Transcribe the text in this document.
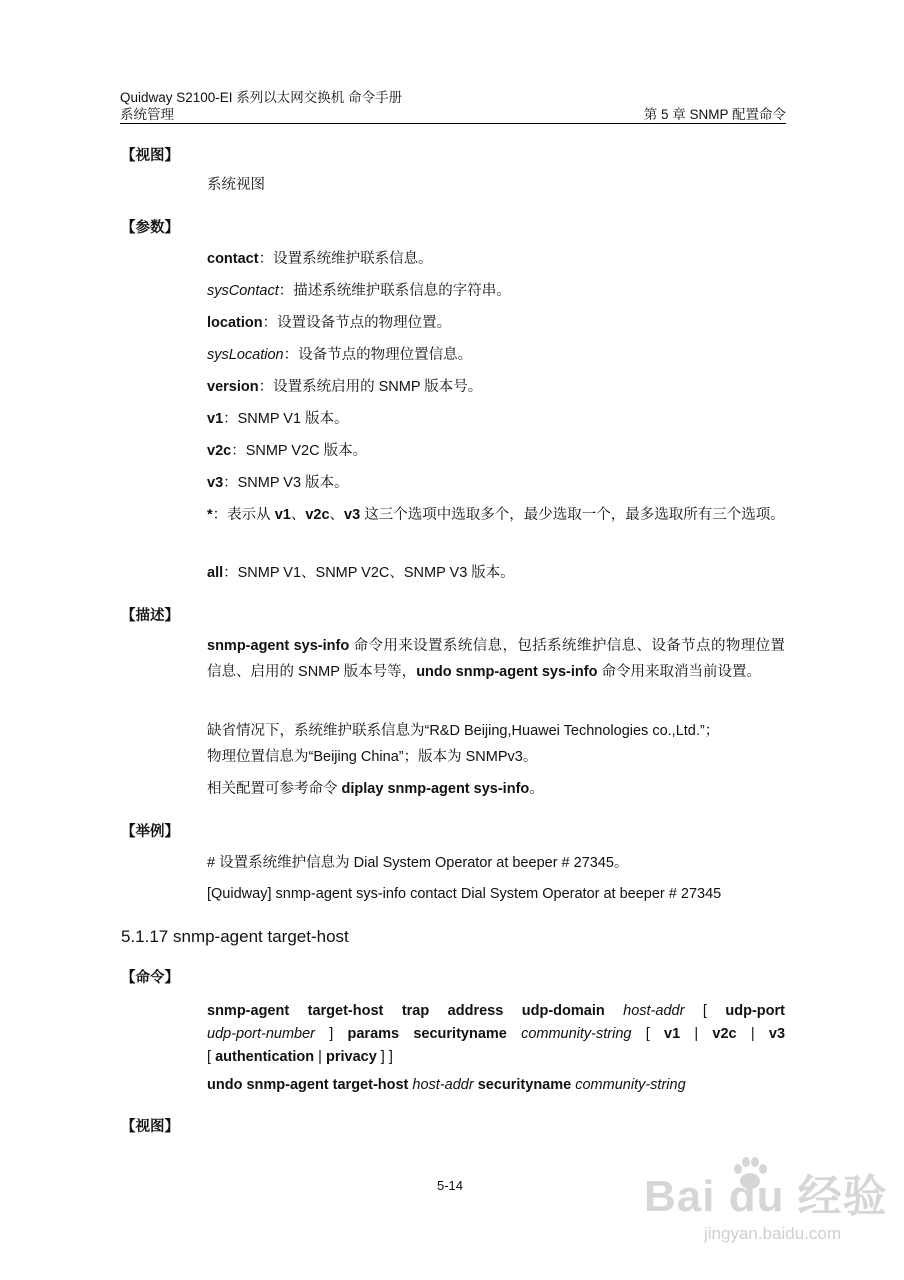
Quidway S2100-EI 系列以太网交换机 命令手册
系统管理	第 5 章 SNMP 配置命令
【视图】
系统视图
【参数】
contact：设置系统维护联系信息。
sysContact：描述系统维护联系信息的字符串。
location：设置设备节点的物理位置。
sysLocation：设备节点的物理位置信息。
version：设置系统启用的 SNMP 版本号。
v1：SNMP V1 版本。
v2c：SNMP V2C 版本。
v3：SNMP V3 版本。
*：表示从 v1、v2c、v3 这三个选项中选取多个，最少选取一个，最多选取所有三个选项。
all：SNMP V1、SNMP V2C、SNMP V3 版本。
【描述】
snmp-agent sys-info 命令用来设置系统信息，包括系统维护信息、设备节点的物理位置信息、启用的 SNMP 版本号等，undo snmp-agent sys-info 命令用来取消当前设置。
缺省情况下，系统维护联系信息为“R&D Beijing,Huawei Technologies co.,Ltd.”；
物理位置信息为“Beijing China”；版本为 SNMPv3。
相关配置可参考命令 diplay snmp-agent sys-info。
【举例】
# 设置系统维护信息为 Dial System Operator at beeper # 27345。
[Quidway] snmp-agent sys-info contact Dial System Operator at beeper # 27345
5.1.17 snmp-agent target-host
【命令】
snmp-agent target-host trap address udp-domain host-addr [ udp-port
udp-port-number ] params securityname community-string [ v1 | v2c | v3
[ authentication | privacy ] ]
undo snmp-agent target-host host-addr securityname community-string
【视图】
5-14	Bai du 经验
jingyan.baidu.com
